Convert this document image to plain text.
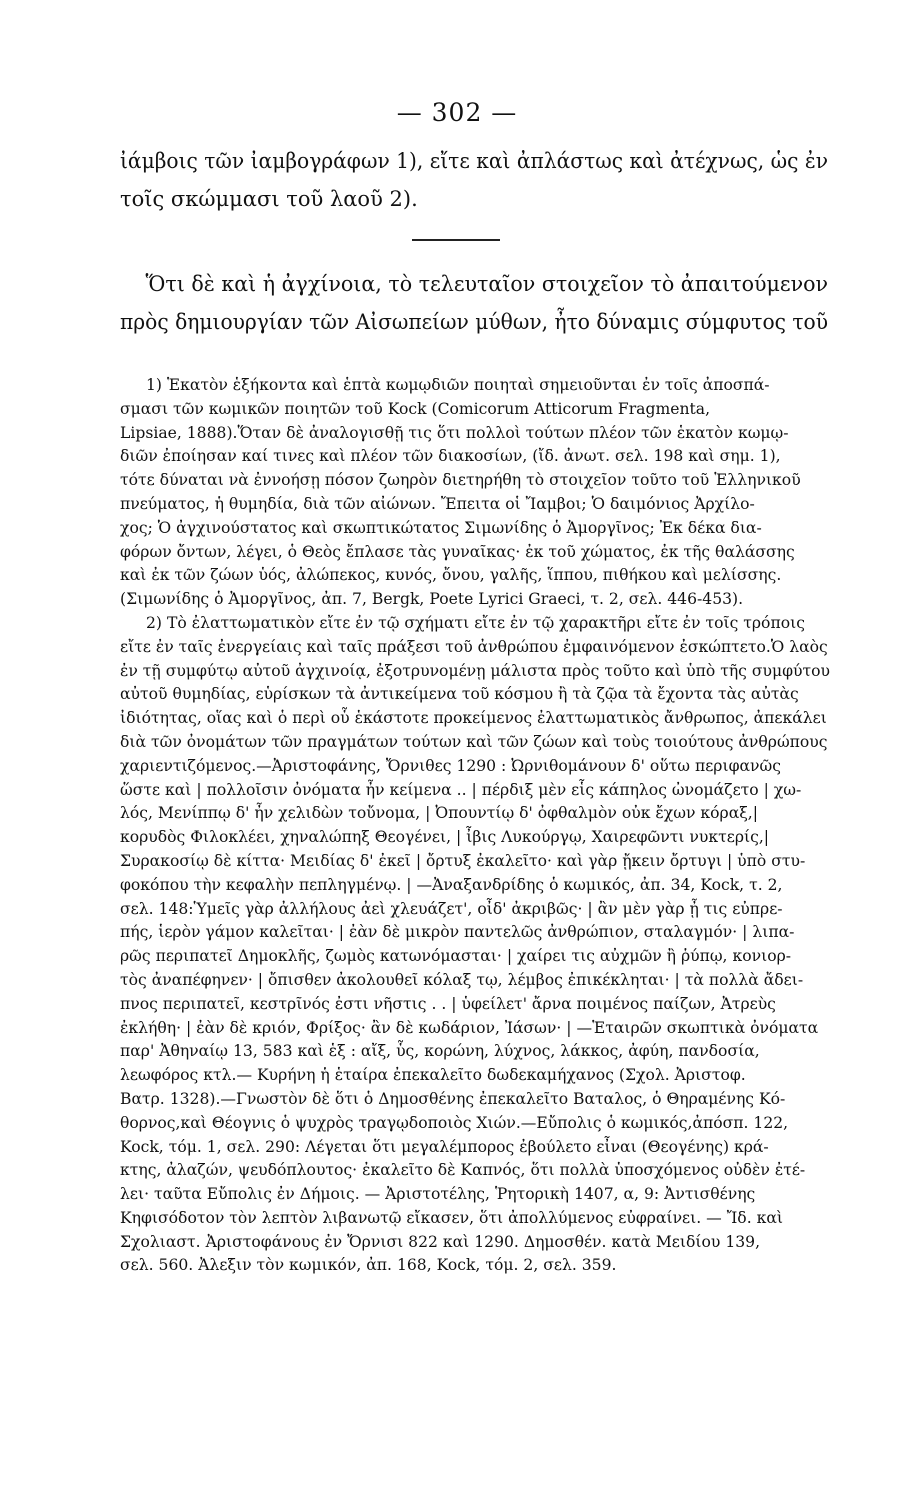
— 302 —
ἰάμβοις τῶν ἰαμβογράφων 1), εἴτε καὶ ἀπλάστως καὶ ἀτέχνως, ὡς ἐν
τοῖς σκώμμασι τοῦ λαοῦ 2).
Ὅτι δὲ καὶ ἡ ἀγχίνοια, τὸ τελευταῖον στοιχεῖον τὸ ἀπαιτούμενον
πρὸς δημιουργίαν τῶν Αἰσωπείων μύθων, ἦτο δύναμις σύμφυτος τοῦ
1) Ἑκατὸν ἑξήκοντα καὶ ἑπτὰ κωμῳδιῶν ποιηταὶ σημειοῦνται ἐν τοῖς ἀποσπά-
σμασι τῶν κωμικῶν ποιητῶν τοῦ Kock (Comicorum Atticorum Fragmenta,
Lipsiae, 1888).Ὅταν δὲ ἀναλογισθῇ τις ὅτι πολλοὶ τούτων πλέον τῶν ἑκατὸν κωμῳ-
διῶν ἐποίησαν καί τινες καὶ πλέον τῶν διακοσίων, (ἴδ. ἀνωτ. σελ. 198 καὶ σημ. 1),
τότε δύναται νὰ ἐννοήσῃ πόσον ζωηρὸν διετηρήθη τὸ στοιχεῖον τοῦτο τοῦ Ἑλληνικοῦ
πνεύματος, ἡ θυμηδία, διὰ τῶν αἰώνων. Ἔπειτα οἱ Ἴαμβοι; Ὁ δαιμόνιος Ἀρχίλο-
χος; Ὁ ἀγχινούστατος καὶ σκωπτικώτατος Σιμωνίδης ὁ Ἀμοργῖνος; Ἐκ δέκα δια-
φόρων ὄντων, λέγει, ὁ Θεὸς ἔπλασε τὰς γυναῖκας· ἐκ τοῦ χώματος, ἐκ τῆς θαλάσσης
καὶ ἐκ τῶν ζώων ὑός, ἀλώπεκος, κυνός, ὄνου, γαλῆς, ἵππου, πιθήκου καὶ μελίσσης.
(Σιμωνίδης ὁ Ἀμοργῖνος, ἀπ. 7, Bergk, Poete Lyrici Graeci, τ. 2, σελ. 446-453).
2) Τὸ ἐλαττωματικὸν εἴτε ἐν τῷ σχήματι εἴτε ἐν τῷ χαρακτῆρι εἴτε ἐν τοῖς τρόποις
εἴτε ἐν ταῖς ἐνεργείαις καὶ ταῖς πράξεσι τοῦ ἀνθρώπου ἐμφαινόμενον ἐσκώπτετο.Ὁ λαὸς
ἐν τῇ συμφύτῳ αὐτοῦ ἀγχινοίᾳ, ἐξοτρυνομένῃ μάλιστα πρὸς τοῦτο καὶ ὑπὸ τῆς συμφύτου
αὐτοῦ θυμηδίας, εὑρίσκων τὰ ἀντικείμενα τοῦ κόσμου ἢ τὰ ζῷα τὰ ἔχοντα τὰς αὐτὰς
ἰδιότητας, οἵας καὶ ὁ περὶ οὗ ἑκάστοτε προκείμενος ἐλαττωματικὸς ἄνθρωπος, ἀπεκάλει
διὰ τῶν ὀνομάτων τῶν πραγμάτων τούτων καὶ τῶν ζώων καὶ τοὺς τοιούτους ἀνθρώπους
χαριεντιζόμενος.—Ἀριστοφάνης, Ὄρνιθες 1290 : Ὠρνιθομάνουν δ' οὕτω περιφανῶς
ὥστε καὶ | πολλοῖσιν ὀνόματα ἦν κείμενα .. | πέρδιξ μὲν εἷς κάπηλος ὠνομάζετο | χω-
λός, Μενίππῳ δ' ἦν χελιδὼν τοὔνομα, | Ὀπουντίῳ δ' ὀφθαλμὸν οὐκ ἔχων κόραξ,|
κορυδὸς Φιλοκλέει, χηναλώπηξ Θεογένει, | ἶβις Λυκούργῳ, Χαιρεφῶντι νυκτερίς,|
Συρακοσίῳ δὲ κίττα· Μειδίας δ' ἐκεῖ | ὄρτυξ ἐκαλεῖτο· καὶ γὰρ ᾔκειν ὄρτυγι | ὑπὸ στυ-
φοκόπου τὴν κεφαλὴν πεπληγμένῳ. | —Ἀναξανδρίδης ὁ κωμικός, ἀπ. 34, Kock, τ. 2,
σελ. 148:Ὑμεῖς γὰρ ἀλλήλους ἀεὶ χλευάζετ', οἶδ' ἀκριβῶς· | ἂν μὲν γὰρ ᾖ τις εὐπρε-
πής, ἱερὸν γάμον καλεῖται· | ἐὰν δὲ μικρὸν παντελῶς ἀνθρώπιον, σταλαγμόν· | λιπα-
ρῶς περιπατεῖ Δημοκλῆς, ζωμὸς κατωνόμασται· | χαίρει τις αὐχμῶν ἢ ῥύπῳ, κονιορ-
τὸς ἀναπέφηνεν· | ὄπισθεν ἀκολουθεῖ κόλαξ τῳ, λέμβος ἐπικέκληται· | τὰ πολλὰ ἄδει-
πνος περιπατεῖ, κεστρῖνός ἐστι νῆστις . . | ὑφείλετ' ἄρνα ποιμένος παίζων, Ἀτρεὺς
ἐκλήθη· | ἐὰν δὲ κριόν, Φρίξος· ἂν δὲ κωδάριον, Ἰάσων· | —Ἑταιρῶν σκωπτικὰ ὀνόματα
παρ' Ἀθηναίῳ 13, 583 καὶ ἑξ : αἴξ, ὗς, κορώνη, λύχνος, λάκκος, ἀφύη, πανδοσία,
λεωφόρος κτλ.— Κυρήνη ἡ ἑταίρα ἐπεκαλεῖτο δωδεκαμήχανος (Σχολ. Ἀριστοφ.
Βατρ. 1328).—Γνωστὸν δὲ ὅτι ὁ Δημοσθένης ἐπεκαλεῖτο Βαταλος, ὁ Θηραμένης Κό-
θορνος,καὶ Θέογνις ὁ ψυχρὸς τραγῳδοποιὸς Χιών.—Εὔπολις ὁ κωμικός,ἀπόσπ. 122,
Kock, τόμ. 1, σελ. 290: Λέγεται ὅτι μεγαλέμπορος ἐβούλετο εἶναι (Θεογένης) κρά-
κτης, ἀλαζών, ψευδόπλουτος· ἐκαλεῖτο δὲ Καπνός, ὅτι πολλὰ ὑποσχόμενος οὐδὲν ἐτέ-
λει· ταῦτα Εὔπολις ἐν Δήμοις. — Ἀριστοτέλης, Ῥητορικὴ 1407, α, 9: Ἀντισθένης
Κηφισόδοτον τὸν λεπτὸν λιβανωτῷ εἴκασεν, ὅτι ἀπολλύμενος εὐφραίνει. — Ἴδ. καὶ
Σχολιαστ. Ἀριστοφάνους ἐν Ὄρνισι 822 καὶ 1290. Δημοσθέν. κατὰ Μειδίου 139,
σελ. 560. Ἀλεξιν τὸν κωμικόν, ἀπ. 168, Kock, τόμ. 2, σελ. 359.
